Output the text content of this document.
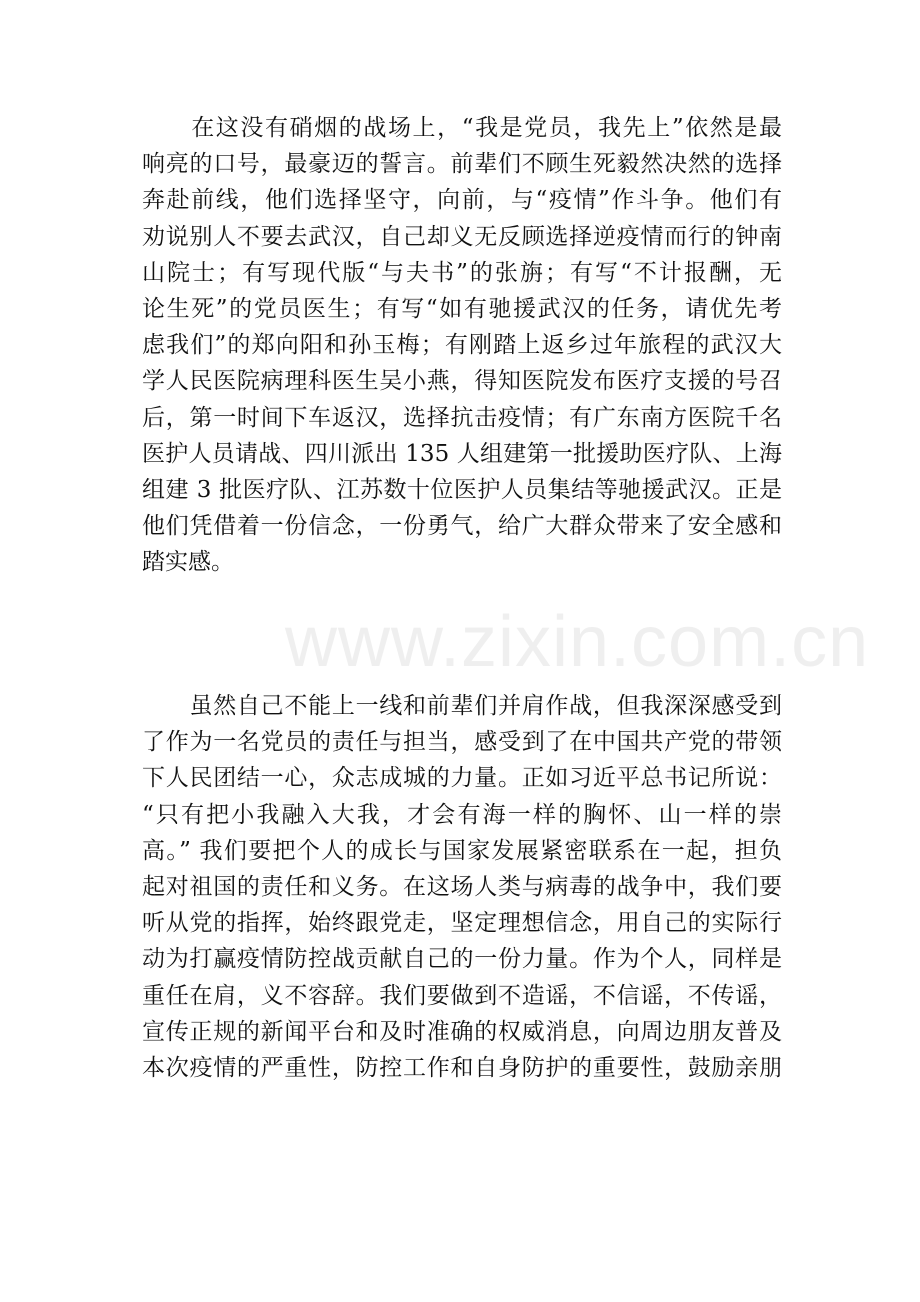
www.zixin.com.cn
　　在这没有硝烟的战场上，“我是党员，我先上”依然是最
响亮的口号，最豪迈的誓言。前辈们不顾生死毅然决然的选择
奔赴前线，他们选择坚守，向前，与“疫情”作斗争。他们有
劝说别人不要去武汉，自己却义无反顾选择逆疫情而行的钟南
山院士；有写现代版“与夫书”的张旃；有写“不计报酬，无
论生死”的党员医生；有写“如有驰援武汉的任务，请优先考
虑我们”的郑向阳和孙玉梅；有刚踏上返乡过年旅程的武汉大
学人民医院病理科医生吴小燕，得知医院发布医疗支援的号召
后，第一时间下车返汉，选择抗击疫情；有广东南方医院千名
医护人员请战、四川派出 135 人组建第一批援助医疗队、上海
组建 3 批医疗队、江苏数十位医护人员集结等驰援武汉。正是
他们凭借着一份信念，一份勇气，给广大群众带来了安全感和
踏实感。
　　虽然自己不能上一线和前辈们并肩作战，但我深深感受到
了作为一名党员的责任与担当，感受到了在中国共产党的带领
下人民团结一心，众志成城的力量。正如习近平总书记所说：
“只有把小我融入大我，才会有海一样的胸怀、山一样的崇
高。” 我们要把个人的成长与国家发展紧密联系在一起，担负
起对祖国的责任和义务。在这场人类与病毒的战争中，我们要
听从党的指挥，始终跟党走，坚定理想信念，用自己的实际行
动为打赢疫情防控战贡献自己的一份力量。作为个人，同样是
重任在肩，义不容辞。我们要做到不造谣，不信谣，不传谣，
宣传正规的新闻平台和及时准确的权威消息，向周边朋友普及
本次疫情的严重性，防控工作和自身防护的重要性，鼓励亲朋
